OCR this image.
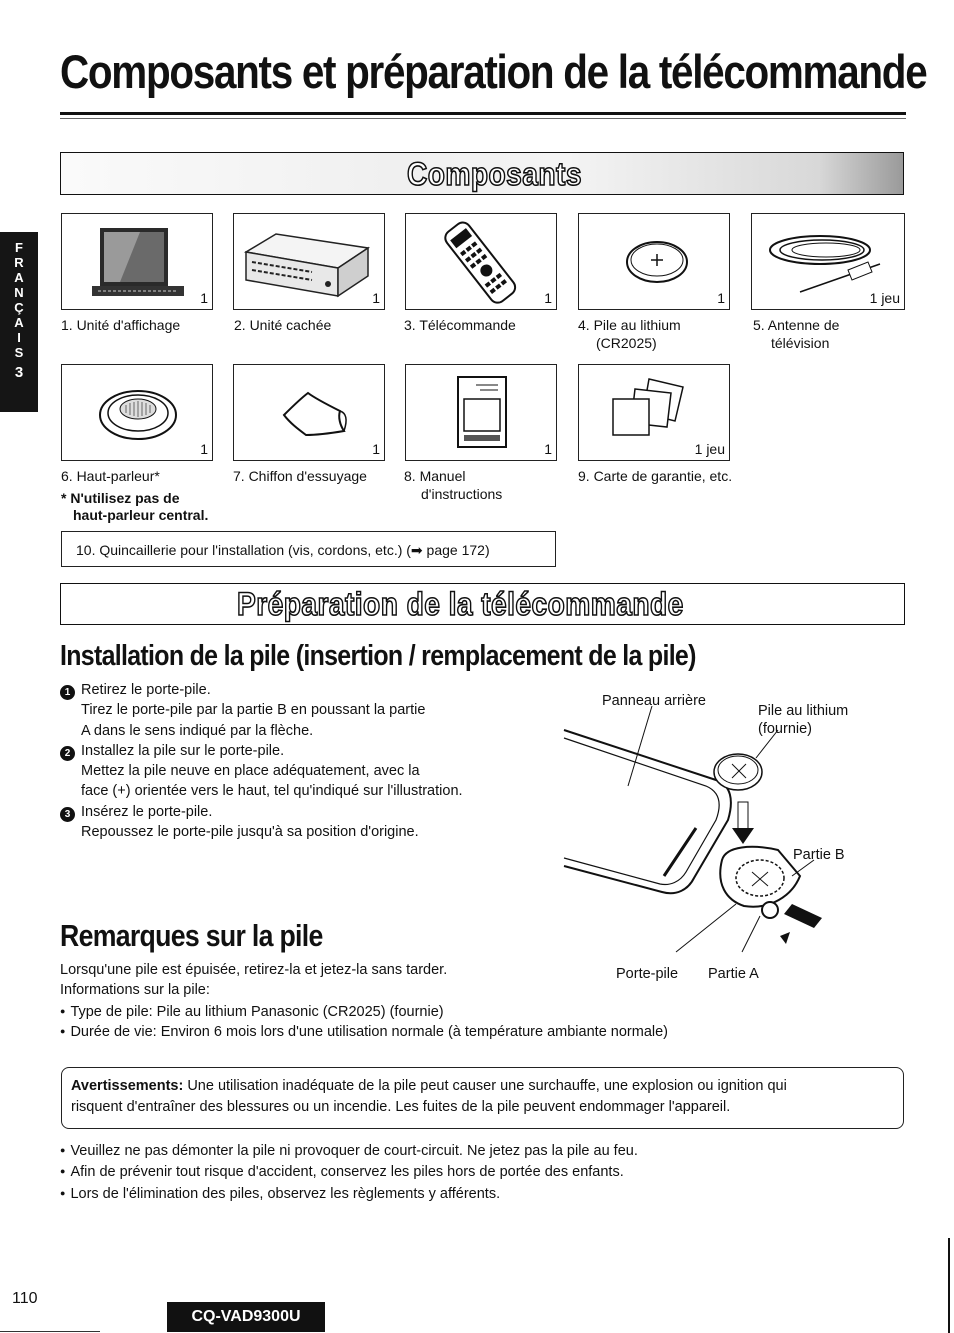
Composants et préparation de la télécommande
F
R
A
N
Ç
A
I
S
3
Composants
1	1	1	1	1 jeu
1. Unité d'affichage	2. Unité cachée	3. Télécommande	4. Pile au lithium
(CR2025)
5. Antenne de
télévision
1	1	1	1 jeu
6. Haut-parleur*
* N'utilisez pas de
haut-parleur central.
7. Chiffon d'essuyage	8. Manuel
d'instructions
9. Carte de garantie, etc.
10. Quincaillerie pour l'installation (vis, cordons, etc.) (➡ page 172)
Préparation de la télécommande
Installation de la pile (insertion / remplacement de la pile)
1 Retirez le porte-pile.
Tirez le porte-pile par la partie B en poussant la partie
A dans le sens indiqué par la flèche.
2 Installez la pile sur le porte-pile.
Mettez la pile neuve en place adéquatement, avec la
face (+) orientée vers le haut, tel qu'indiqué sur l'illustration.
3 Insérez le porte-pile.
Repoussez le porte-pile jusqu'à sa position d'origine.
Panneau arrière
Pile au lithium
(fournie)
Partie B
Porte-pile Partie A
Remarques sur la pile
Lorsqu'une pile est épuisée, retirez-la et jetez-la sans tarder.
Informations sur la pile:
● Type de pile: Pile au lithium Panasonic (CR2025) (fournie)
● Durée de vie: Environ 6 mois lors d'une utilisation normale (à température ambiante normale)
Avertissements: Une utilisation inadéquate de la pile peut causer une surchauffe, une explosion ou ignition qui
risquent d'entraîner des blessures ou un incendie. Les fuites de la pile peuvent endommager l'appareil.
● Veuillez ne pas démonter la pile ni provoquer de court-circuit. Ne jetez pas la pile au feu.
● Afin de prévenir tout risque d'accident, conservez les piles hors de portée des enfants.
● Lors de l'élimination des piles, observez les règlements y afférents.
110
CQ-VAD9300U
